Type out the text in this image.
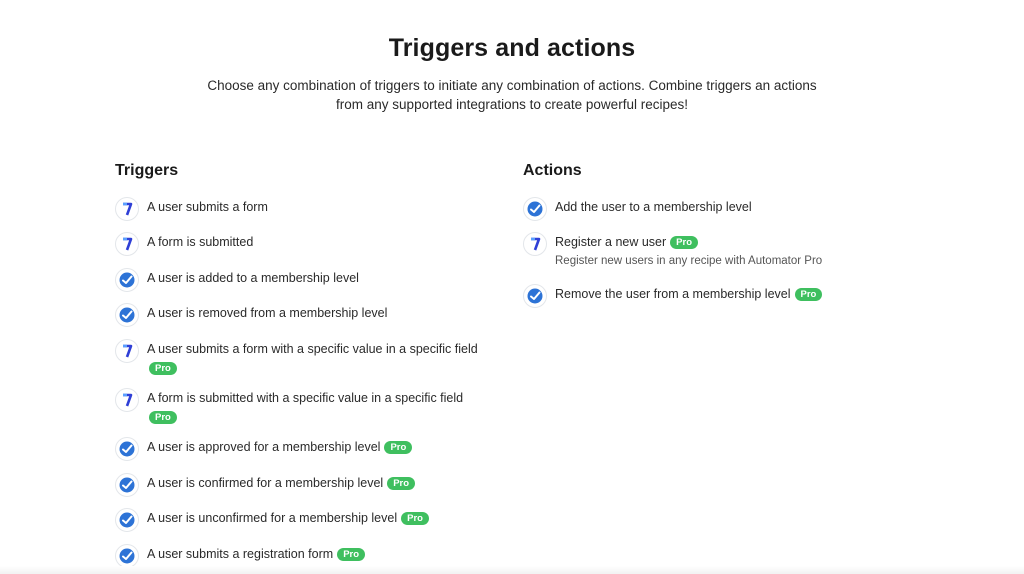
Triggers and actions
Choose any combination of triggers to initiate any combination of actions. Combine triggers an actions
from any supported integrations to create powerful recipes!
Triggers
A user submits a form
A form is submitted
A user is added to a membership level
A user is removed from a membership level
A user submits a form with a specific value in a specific field
Pro
A form is submitted with a specific value in a specific field
Pro
A user is approved for a membership level Pro
A user is confirmed for a membership level Pro
A user is unconfirmed for a membership level Pro
A user submits a registration form Pro
Actions
Add the user to a membership level
Register a new user Pro
Register new users in any recipe with Automator Pro
Remove the user from a membership level Pro
